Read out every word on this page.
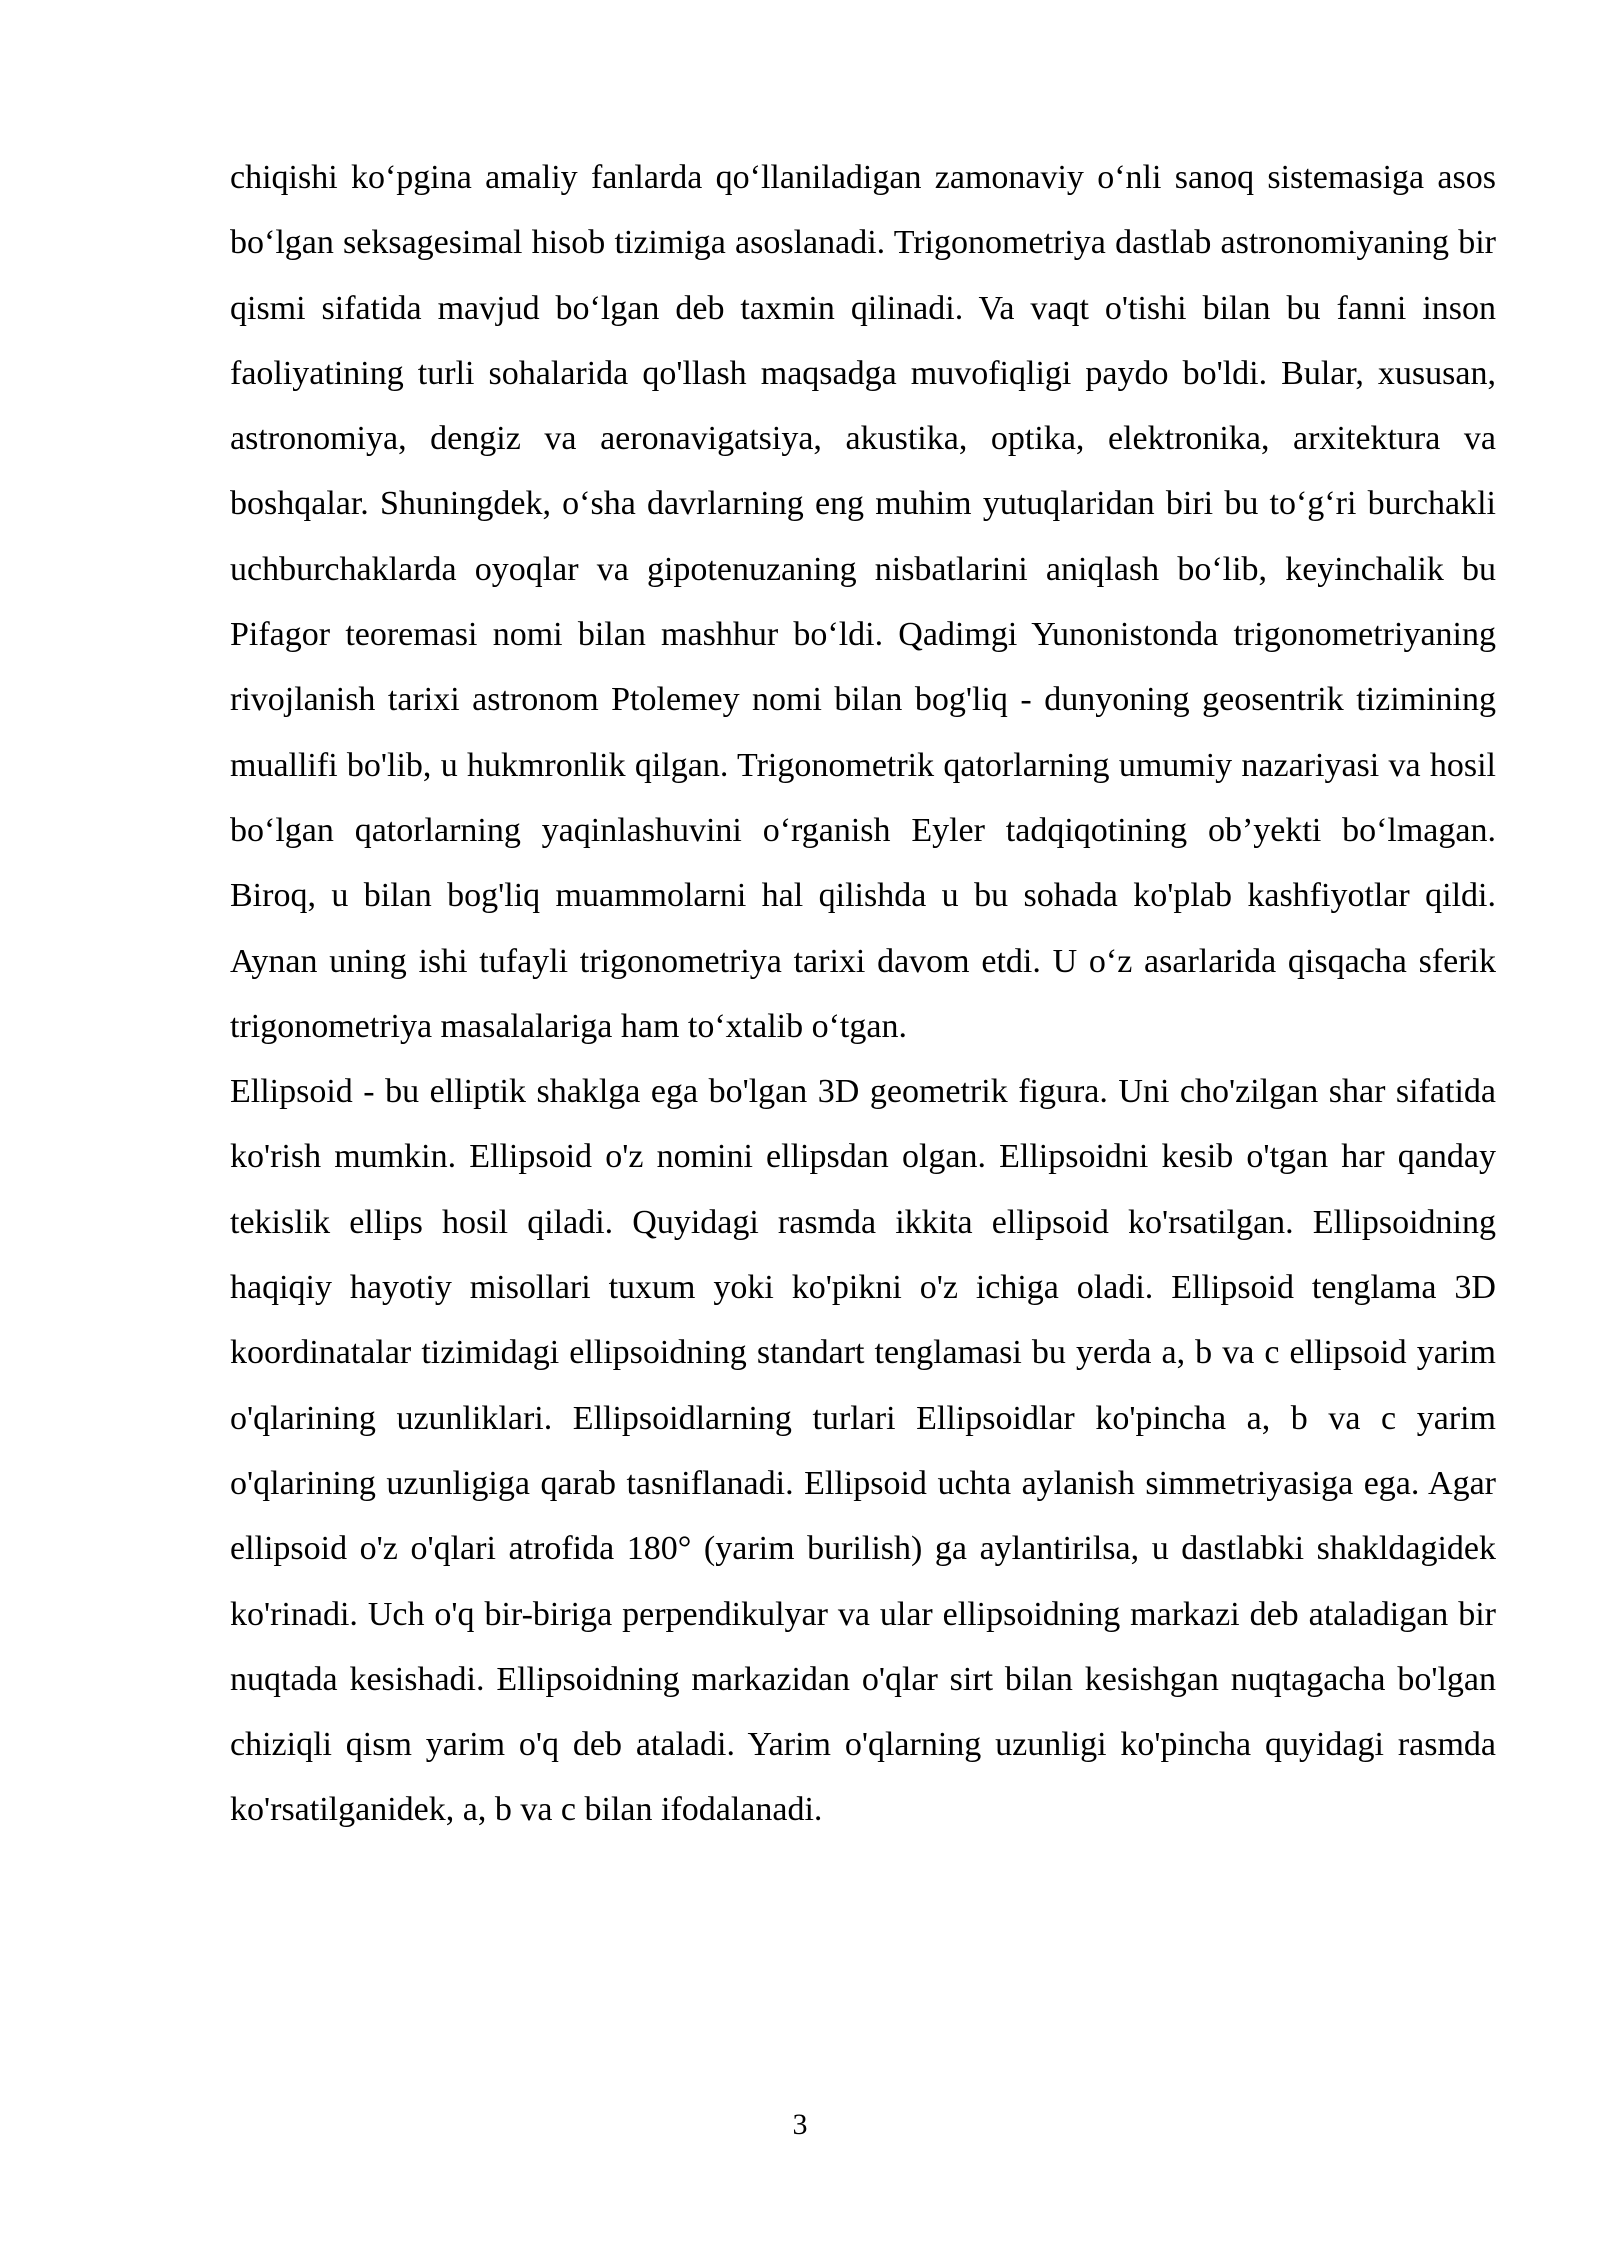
chiqishi ko‘pgina amaliy fanlarda qo‘llaniladigan zamonaviy o‘nli sanoq sistemasiga asos bo‘lgan seksagesimal hisob tizimiga asoslanadi. Trigonometriya dastlab astronomiyaning bir qismi sifatida mavjud bo‘lgan deb taxmin qilinadi. Va vaqt o'tishi bilan bu fanni inson faoliyatining turli sohalarida qo'llash maqsadga muvofiqligi paydo bo'ldi. Bular, xususan, astronomiya, dengiz va aeronavigatsiya, akustika, optika, elektronika, arxitektura va boshqalar. Shuningdek, o‘sha davrlarning eng muhim yutuqlaridan biri bu to‘g‘ri burchakli uchburchaklarda oyoqlar va gipotenuzaning nisbatlarini aniqlash bo‘lib, keyinchalik bu Pifagor teoremasi nomi bilan mashhur bo‘ldi. Qadimgi Yunonistonda trigonometriyaning rivojlanish tarixi astronom Ptolemey nomi bilan bog'liq - dunyoning geosentrik tizimining muallifi bo'lib, u hukmronlik qilgan. Trigonometrik qatorlarning umumiy nazariyasi va hosil bo‘lgan qatorlarning yaqinlashuvini o‘rganish Eyler tadqiqotining ob’yekti bo‘lmagan. Biroq, u bilan bog'liq muammolarni hal qilishda u bu sohada ko'plab kashfiyotlar qildi. Aynan uning ishi tufayli trigonometriya tarixi davom etdi. U o‘z asarlarida qisqacha sferik trigonometriya masalalariga ham to‘xtalib o‘tgan.

Ellipsoid - bu elliptik shaklga ega bo'lgan 3D geometrik figura. Uni cho'zilgan shar sifatida ko'rish mumkin. Ellipsoid o'z nomini ellipsdan olgan. Ellipsoidni kesib o'tgan har qanday tekislik ellips hosil qiladi. Quyidagi rasmda ikkita ellipsoid ko'rsatilgan. Ellipsoidning haqiqiy hayotiy misollari tuxum yoki ko'pikni o'z ichiga oladi. Ellipsoid tenglama 3D koordinatalar tizimidagi ellipsoidning standart tenglamasi bu yerda a, b va c ellipsoid yarim o'qlarining uzunliklari. Ellipsoidlarning turlari Ellipsoidlar ko'pincha a, b va c yarim o'qlarining uzunligiga qarab tasniflanadi. Ellipsoid uchta aylanish simmetriyasiga ega. Agar ellipsoid o'z o'qlari atrofida 180° (yarim burilish) ga aylantirilsa, u dastlabki shakldagidek ko'rinadi. Uch o'q bir-biriga perpendikulyar va ular ellipsoidning markazi deb ataladigan bir nuqtada kesishadi. Ellipsoidning markazidan o'qlar sirt bilan kesishgan nuqtagacha bo'lgan chiziqli qism yarim o'q deb ataladi. Yarim o'qlarning uzunligi ko'pincha quyidagi rasmda ko'rsatilganidek, a, b va c bilan ifodalanadi.

3
